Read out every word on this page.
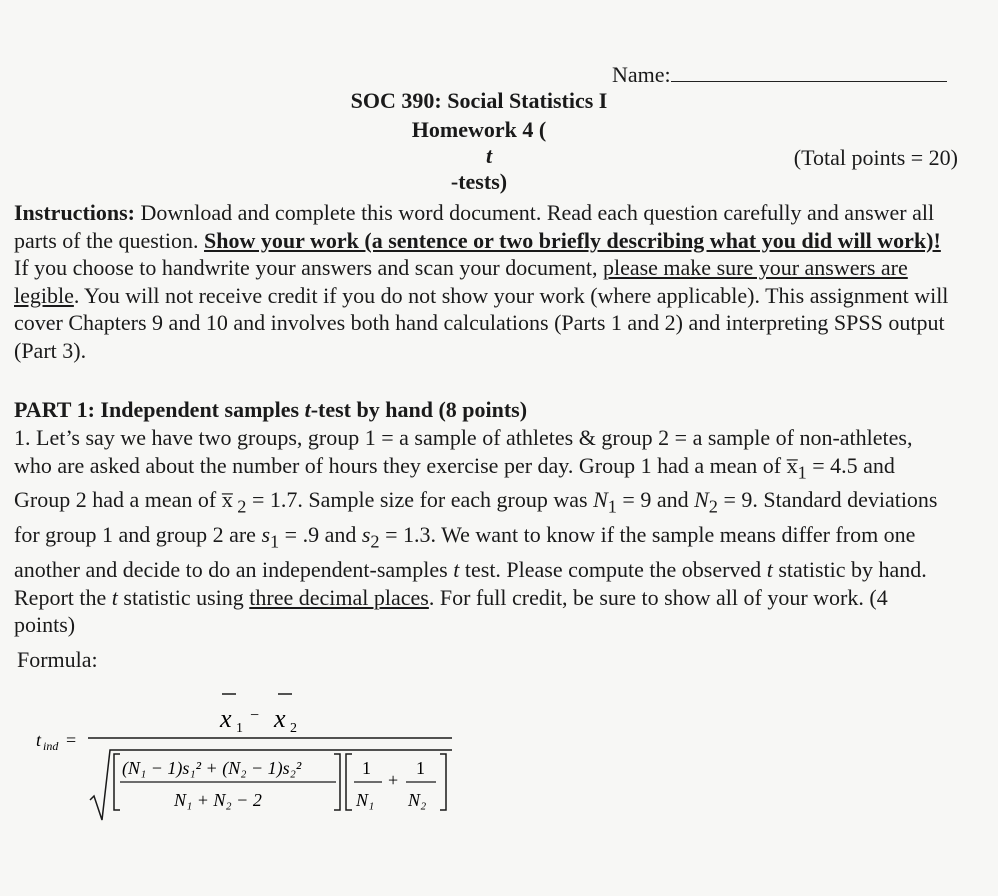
Name:
SOC 390: Social Statistics I
Homework 4 (
t
-tests)
(Total points = 20)
Instructions: Download and complete this word document. Read each question carefully and answer all parts of the question. Show your work (a sentence or two briefly describing what you did will work)! If you choose to handwrite your answers and scan your document, please make sure your answers are legible. You will not receive credit if you do not show your work (where applicable). This assignment will cover Chapters 9 and 10 and involves both hand calculations (Parts 1 and 2) and interpreting SPSS output (Part 3).
PART 1: Independent samples t-test by hand (8 points)
1. Let’s say we have two groups, group 1 = a sample of athletes & group 2 = a sample of non-athletes, who are asked about the number of hours they exercise per day. Group 1 had a mean of $x̅_1 = 4.5$ and Group 2 had a mean of x̅ $_2$ = 1.7. Sample size for each group was $N_1 = 9$ and $N_2 = 9$. Standard deviations for group 1 and group 2 are $s_1 = .9$ and $s_2 = 1.3$. We want to know if the sample means differ from one another and decide to do an independent-samples t test. Please compute the observed t statistic by hand. Report the t statistic using three decimal places. For full credit, be sure to show all of your work. (4 points)
Formula:
t ind =
x 1
− x 2
(N₁ − 1)s₁² + (N₂ − 1)s₂²
N₁ + N₂ − 2
1
N₁
+
1
N₂
